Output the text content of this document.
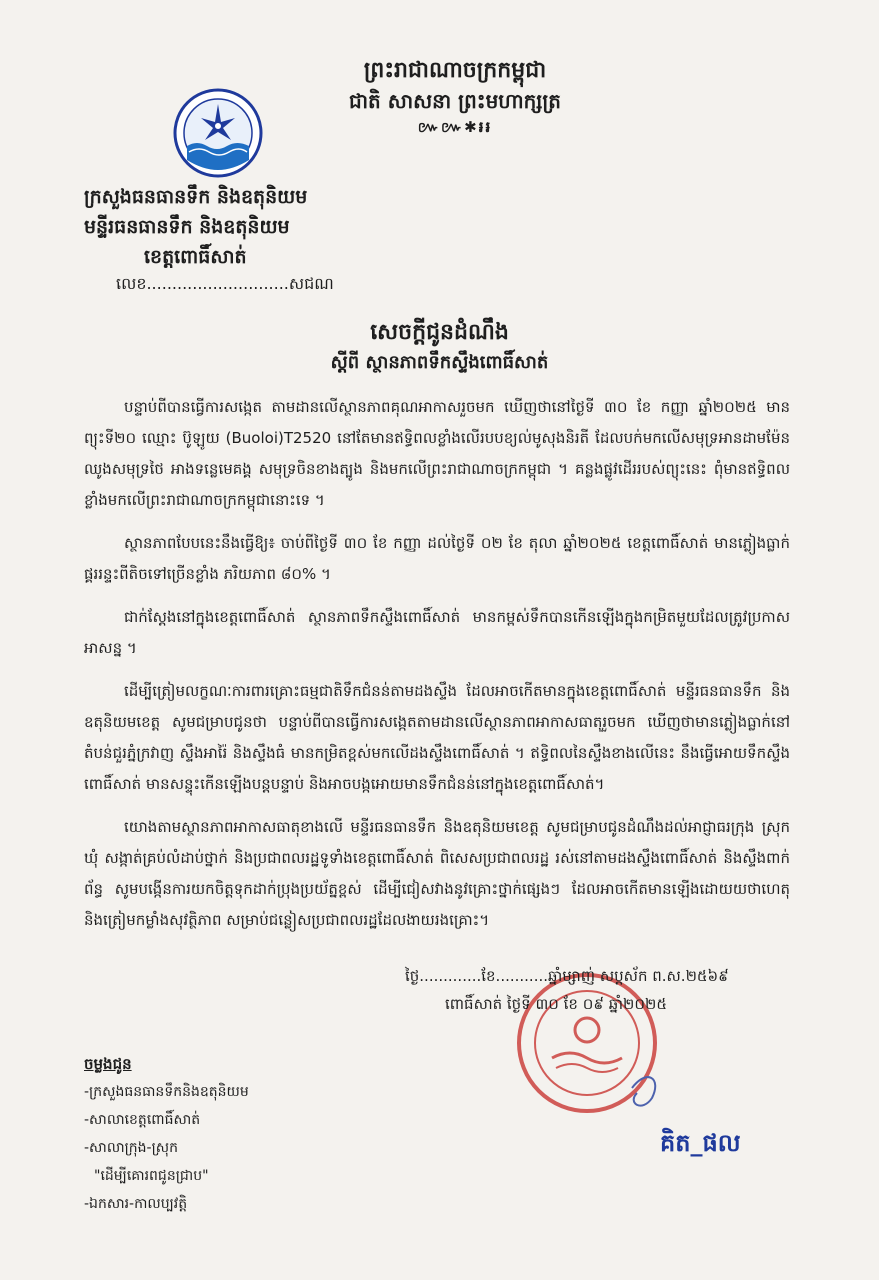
ព្រះរាជាណាចក្រកម្ពុជា
ជាតិ សាសនា ព្រះមហាក្សត្រ
៚៚✱៛៛
ក្រសួងធនធានទឹក និងឧតុនិយម
មន្ទីរធនធានទឹក និងឧតុនិយម
ខេត្តពោធិ៍សាត់
លេខ............................សជណ
សេចក្តីជូនដំណឹង
ស្តីពី ស្ថានភាពទឹកស្ទឹងពោធិ៍សាត់

បន្ទាប់ពីបានធ្វើការសង្កេត តាមដានលើស្ថានភាពគុណអាកាសរួចមក ឃើញថានៅថ្ងៃទី ៣០ ខែ កញ្ញា ឆ្នាំ២០២៥ មានព្យុះទី២០ ឈ្មោះ ប៊ូឡូយ (Buoloi)T2520 នៅតែមានឥទ្ធិពលខ្លាំងលើរបបខ្យល់មូសុងនិរតី ដែលបក់មកលើសមុទ្រអានដាមម៉ែន ឈូងសមុទ្រថៃ អាងទន្លេមេគង្គ សមុទ្រចិនខាងត្បូង និងមកលើព្រះរាជាណាចក្រកម្ពុជា ។ គន្លងផ្លូវដើររបស់ព្យុះនេះ ពុំមានឥទ្ធិពលខ្លាំងមកលើព្រះរាជាណាចក្រកម្ពុជានោះទេ ។

ស្ថានភាពបែបនេះនឹងធ្វើឱ្យ៖ ចាប់ពីថ្ងៃទី ៣០ ខែ កញ្ញា ដល់ថ្ងៃទី ០២ ខែ តុលា ឆ្នាំ២០២៥ ខេត្តពោធិ៍សាត់ មានភ្លៀងធ្លាក់ផ្គររន្ទះពីតិចទៅច្រើនខ្លាំង ភរិយភាព ៨០% ។

ជាក់ស្តែងនៅក្នុងខេត្តពោធិ៍សាត់ ស្ថានភាពទឹកស្ទឹងពោធិ៍សាត់ មានកម្ពស់ទឹកបានកើនឡើងក្នុងកម្រិតមួយដែលត្រូវប្រកាសអាសន្ន ។

ដើម្បីត្រៀមលក្ខណៈការពារគ្រោះធម្មជាតិទឹកជំនន់តាមដងស្ទឹង ដែលអាចកើតមានក្នុងខេត្តពោធិ៍សាត់ មន្ទីរធនធានទឹក និងឧតុនិយមខេត្ត សូមជម្រាបជូនថា បន្ទាប់ពីបានធ្វើការសង្កេតតាមដានលើស្ថានភាពអាកាសធាតុរួចមក ឃើញថាមានភ្លៀងធ្លាក់នៅតំបន់ជួរភ្នំក្រវាញ ស្ទឹងអារ៉ៃ និងស្ទឹងធំ មានកម្រិតខ្ពស់មកលើដងស្ទឹងពោធិ៍សាត់ ។ ឥទ្ធិពលនៃស្ទឹងខាងលើនេះ នឹងធ្វើអោយទឹកស្ទឹងពោធិ៍សាត់ មានសន្ទុះកើនឡើងបន្តបន្ទាប់ និងអាចបង្កអោយមានទឹកជំនន់នៅក្នុងខេត្តពោធិ៍សាត់។

យោងតាមស្ថានភាពអាកាសធាតុខាងលើ មន្ទីរធនធានទឹក និងឧតុនិយមខេត្ត សូមជម្រាបជូនដំណឹងដល់អាជ្ញាធរក្រុង ស្រុក ឃុំ សង្កាត់គ្រប់លំដាប់ថ្នាក់ និងប្រជាពលរដ្ឋទូទាំងខេត្តពោធិ៍សាត់ ពិសេសប្រជាពលរដ្ឋ រស់នៅតាមដងស្ទឹងពោធិ៍សាត់ និងស្ទឹងពាក់ព័ន្ធ សូមបង្កើនការយកចិត្តទុកដាក់ប្រុងប្រយ័ត្នខ្ពស់ ដើម្បីជៀសវាងនូវគ្រោះថ្នាក់ផ្សេងៗ ដែលអាចកើតមានឡើងដោយយថាហេតុ និងត្រៀមកម្លាំងសុវត្ថិភាព សម្រាប់ជន្លៀសប្រជាពលរដ្ឋដែលងាយរងគ្រោះ។

ថ្ងៃ.............ខែ...........ឆ្នាំម្សាញ់ សប្តស័ក ព.ស.២៥៦៩
ពោធិ៍សាត់ ថ្ងៃទី ៣០ ខែ ០៩ ឆ្នាំ២០២៥
គិត_ផល
ចម្លងជូន
-ក្រសួងធនធានទឹកនិងឧតុនិយម
-សាលាខេត្តពោធិ៍សាត់
-សាលាក្រុង-ស្រុក
"ដើម្បីគោរពជូនជ្រាប"
-ឯកសារ-កាលប្បវត្តិ
